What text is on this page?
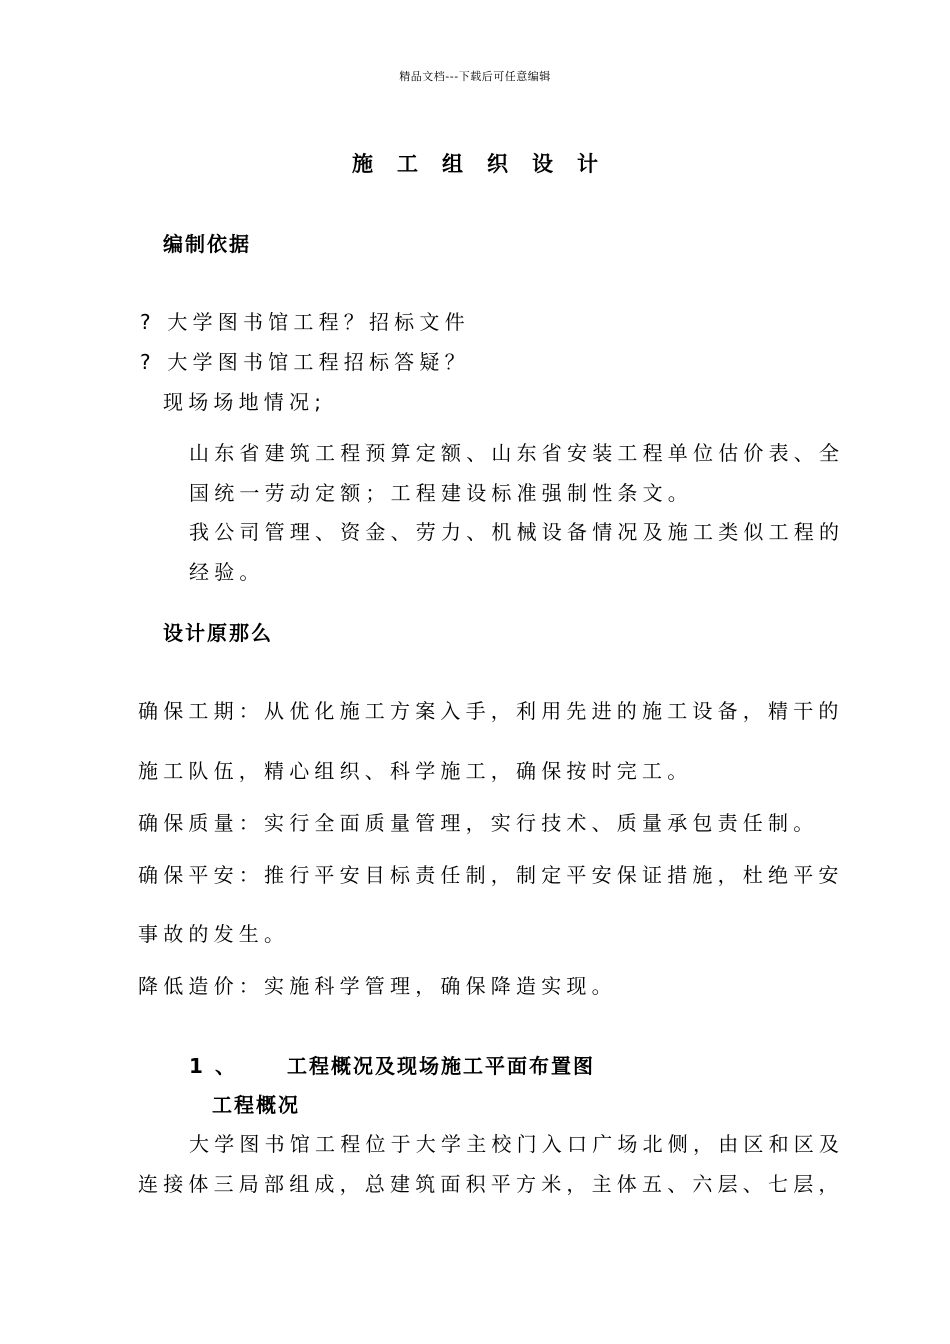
精品文档---下载后可任意编辑
施工组织设计
编制依据
? 大学图书馆工程？招标文件
? 大学图书馆工程招标答疑？
现场场地情况;
山东省建筑工程预算定额、山东省安装工程单位估价表、全
国统一劳动定额；工程建设标准强制性条文。
我公司管理、资金、劳力、机械设备情况及施工类似工程的
经验。
设计原那么
确保工期：从优化施工方案入手，利用先进的施工设备，精干的
施工队伍，精心组织、科学施工，确保按时完工。
确保质量：实行全面质量管理，实行技术、质量承包责任制。
确保平安：推行平安目标责任制，制定平安保证措施，杜绝平安
事故的发生。
降低造价：实施科学管理，确保降造实现。
1 、	工程概况及现场施工平面布置图
工程概况
大学图书馆工程位于大学主校门入口广场北侧，由区和区及
连接体三局部组成，总建筑面积平方米，主体五、六层、七层，
